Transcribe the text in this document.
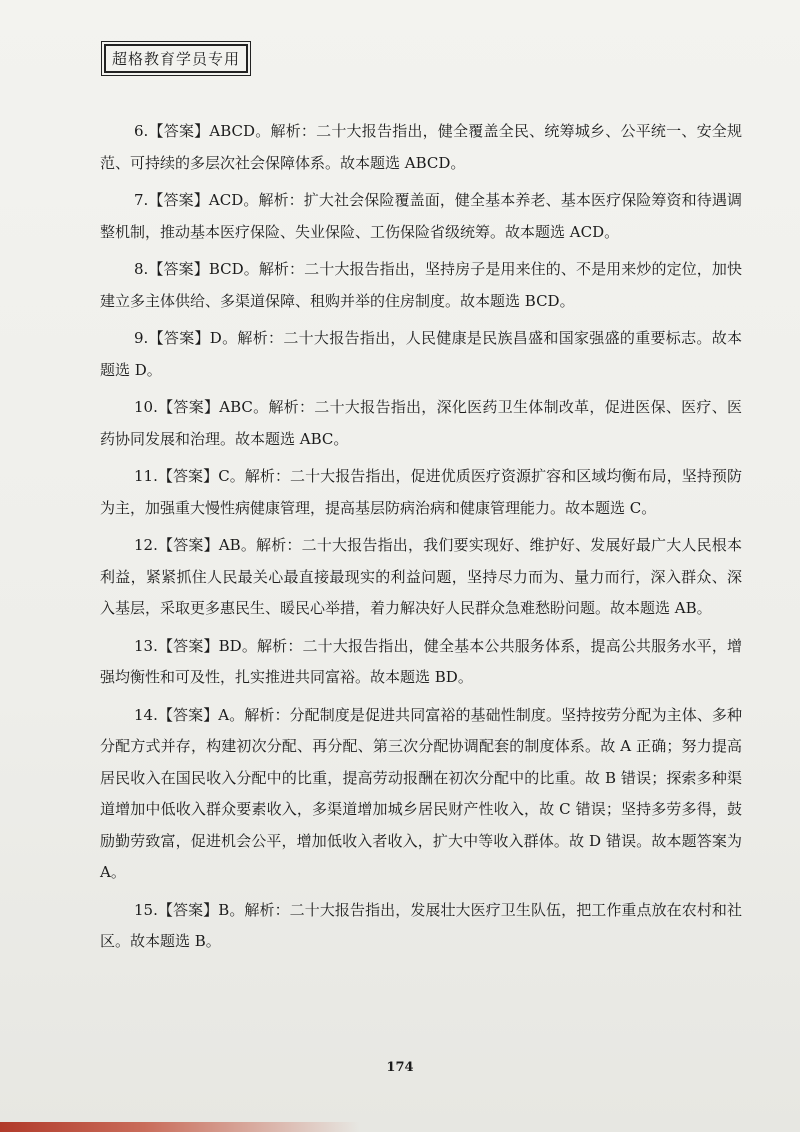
超格教育学员专用

6.【答案】ABCD。解析：二十大报告指出，健全覆盖全民、统筹城乡、公平统一、安全规范、可持续的多层次社会保障体系。故本题选 ABCD。

7.【答案】ACD。解析：扩大社会保险覆盖面，健全基本养老、基本医疗保险筹资和待遇调整机制，推动基本医疗保险、失业保险、工伤保险省级统筹。故本题选 ACD。

8.【答案】BCD。解析：二十大报告指出，坚持房子是用来住的、不是用来炒的定位，加快建立多主体供给、多渠道保障、租购并举的住房制度。故本题选 BCD。

9.【答案】D。解析：二十大报告指出，人民健康是民族昌盛和国家强盛的重要标志。故本题选 D。

10.【答案】ABC。解析：二十大报告指出，深化医药卫生体制改革，促进医保、医疗、医药协同发展和治理。故本题选 ABC。

11.【答案】C。解析：二十大报告指出，促进优质医疗资源扩容和区域均衡布局，坚持预防为主，加强重大慢性病健康管理，提高基层防病治病和健康管理能力。故本题选 C。

12.【答案】AB。解析：二十大报告指出，我们要实现好、维护好、发展好最广大人民根本利益，紧紧抓住人民最关心最直接最现实的利益问题，坚持尽力而为、量力而行，深入群众、深入基层，采取更多惠民生、暖民心举措，着力解决好人民群众急难愁盼问题。故本题选 AB。

13.【答案】BD。解析：二十大报告指出，健全基本公共服务体系，提高公共服务水平，增强均衡性和可及性，扎实推进共同富裕。故本题选 BD。

14.【答案】A。解析：分配制度是促进共同富裕的基础性制度。坚持按劳分配为主体、多种分配方式并存，构建初次分配、再分配、第三次分配协调配套的制度体系。故 A 正确；努力提高居民收入在国民收入分配中的比重，提高劳动报酬在初次分配中的比重。故 B 错误；探索多种渠道增加中低收入群众要素收入，多渠道增加城乡居民财产性收入，故 C 错误；坚持多劳多得，鼓励勤劳致富，促进机会公平，增加低收入者收入，扩大中等收入群体。故 D 错误。故本题答案为 A。

15.【答案】B。解析：二十大报告指出，发展壮大医疗卫生队伍，把工作重点放在农村和社区。故本题选 B。

174
